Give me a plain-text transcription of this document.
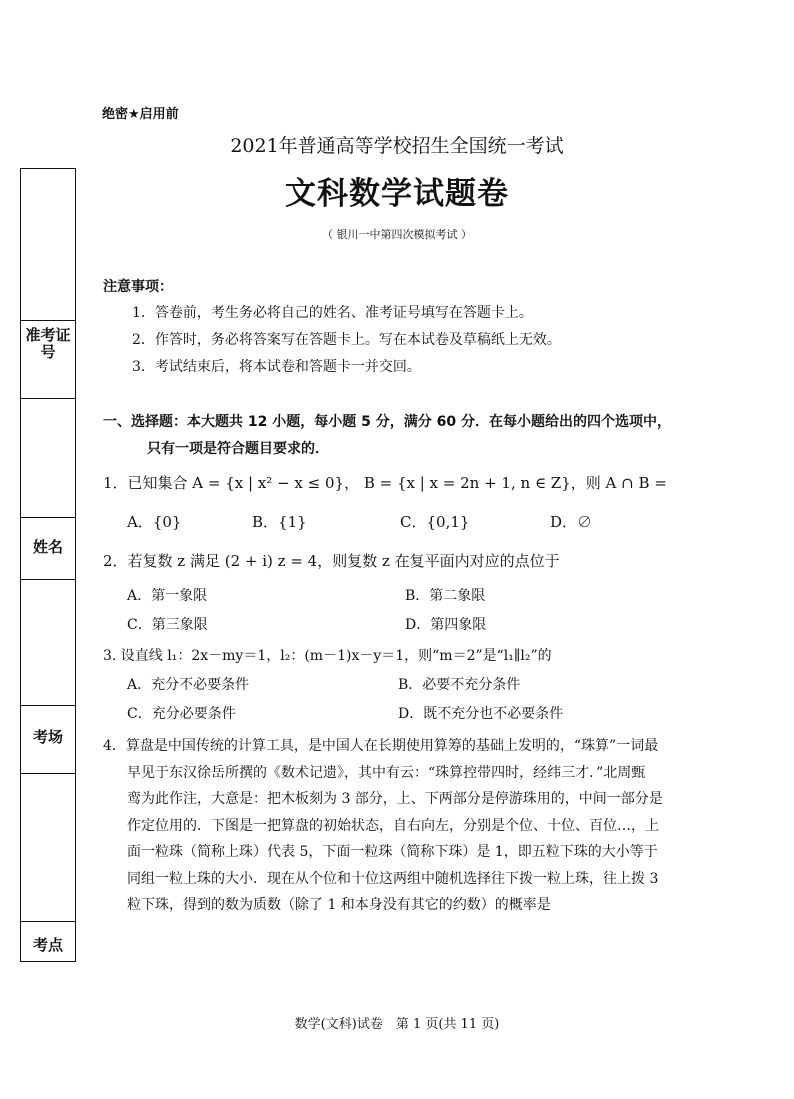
绝密★启用前
2021年普通高等学校招生全国统一考试
文科数学试题卷
（ 银川一中第四次模拟考试 ）
准考证号
姓名
考场
考点
注意事项：
1．答卷前，考生务必将自己的姓名、准考证号填写在答题卡上。
2．作答时，务必将答案写在答题卡上。写在本试卷及草稿纸上无效。
3．考试结束后，将本试卷和答题卡一并交回。
一、选择题：本大题共 12 小题，每小题 5 分，满分 60 分．在每小题给出的四个选项中，
只有一项是符合题目要求的．
1．已知集合 A = {x | x² − x ≤ 0}， B = {x | x = 2n + 1, n ∈ Z}，则 A ∩ B =
A．{0}	B．{1}	C．{0,1}	D．∅
2．若复数 z 满足 (2 + i) z = 4，则复数 z 在复平面内对应的点位于
A．第一象限	B．第二象限
C．第三象限	D．第四象限
3. 设直线 l₁：2x－my＝1，l₂：(m－1)x－y＝1，则“m＝2”是“l₁∥l₂”的
A．充分不必要条件	B．必要不充分条件
C．充分必要条件	D．既不充分也不必要条件
4．算盘是中国传统的计算工具，是中国人在长期使用算筹的基础上发明的，“珠算”一词最
早见于东汉徐岳所撰的《数术记遗》，其中有云：“珠算控带四时，经纬三才．”北周甄
鸾为此作注，大意是：把木板刻为 3 部分，上、下两部分是停游珠用的，中间一部分是
作定位用的．下图是一把算盘的初始状态，自右向左，分别是个位、十位、百位…，上
面一粒珠（简称上珠）代表 5，下面一粒珠（简称下珠）是 1，即五粒下珠的大小等于
同组一粒上珠的大小．现在从个位和十位这两组中随机选择往下拨一粒上珠，往上拨 3
粒下珠，得到的数为质数（除了 1 和本身没有其它的约数）的概率是
数学(文科)试卷　第 1 页(共 11 页)
